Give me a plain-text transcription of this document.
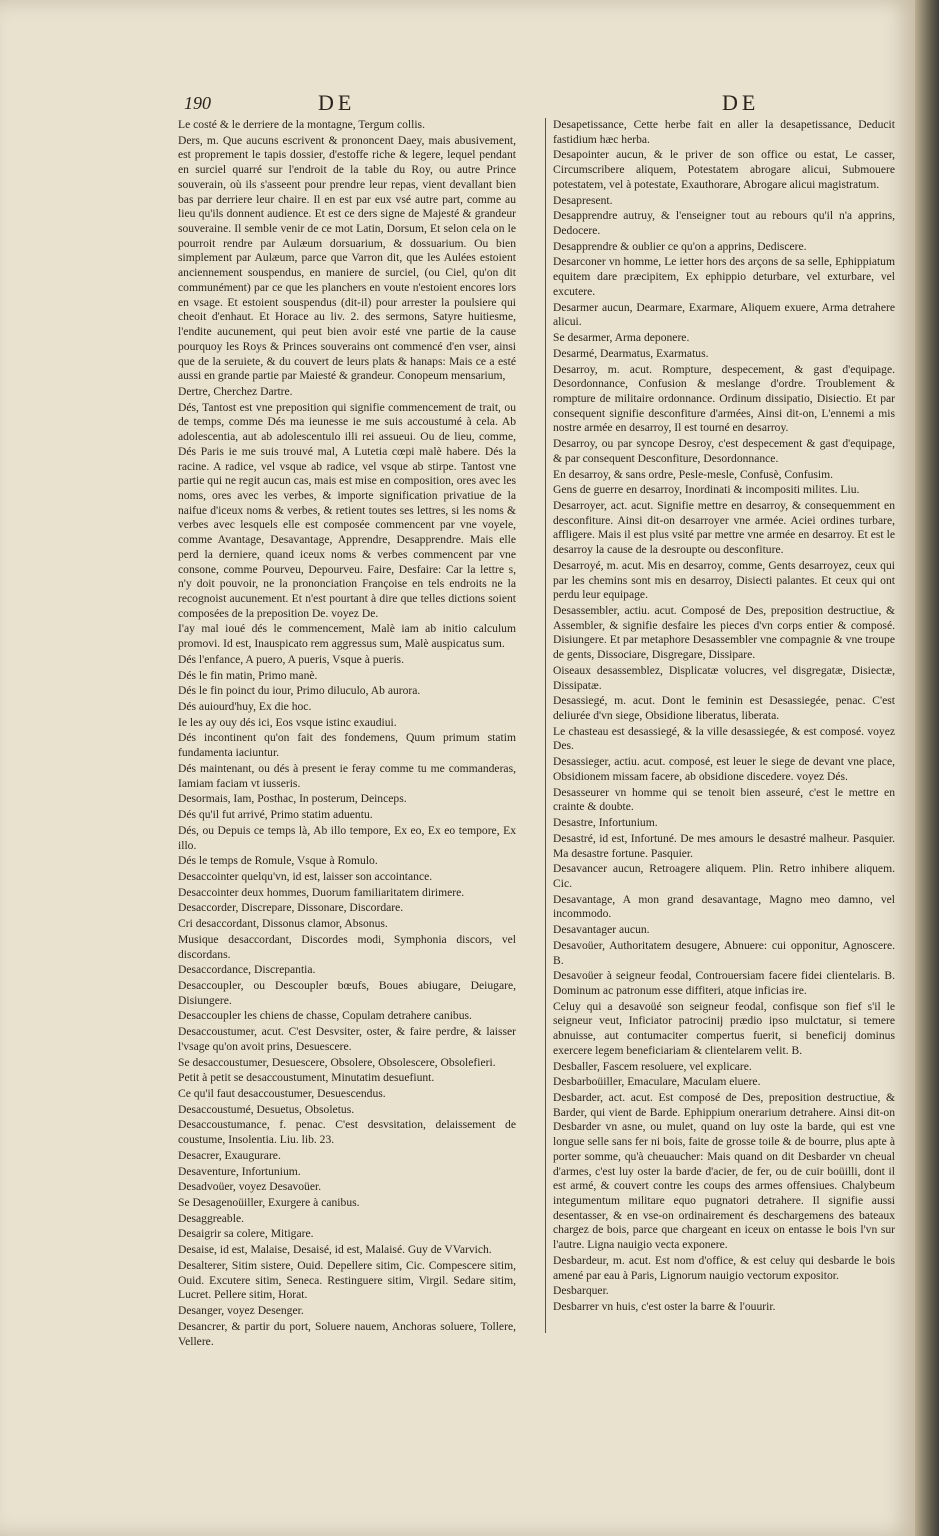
190	DE	DE
Le costé & le derriere de la montagne, Tergum collis.
Ders, m. Que aucuns escrivent & prononcent Daey, mais abusivement, est proprement le tapis dossier, d'estoffe riche & legere, lequel pendant en surciel quarré sur l'endroit de la table du Roy, ou autre Prince souverain, où ils s'asseent pour prendre leur repas, vient devallant bien bas par derriere leur chaire. Il en est par eux vsé autre part, comme au lieu qu'ils donnent audience. Et est ce ders signe de Majesté & grandeur souveraine. Il semble venir de ce mot Latin, Dorsum, Et selon cela on le pourroit rendre par Aulæum dorsuarium, & dossuarium. Ou bien simplement par Aulæum, parce que Varron dit, que les Aulées estoient anciennement souspendus, en maniere de surciel, (ou Ciel, qu'on dit communément) par ce que les planchers en voute n'estoient encores lors en vsage. Et estoient souspendus (dit-il) pour arrester la poulsiere qui cheoit d'enhaut. Et Horace au liv. 2. des sermons, Satyre huitiesme, l'endite aucunement, qui peut bien avoir esté vne partie de la cause pourquoy les Roys & Princes souverains ont commencé d'en vser, ainsi que de la seruiete, & du couvert de leurs plats & hanaps: Mais ce a esté aussi en grande partie par Maiesté & grandeur. Conopeum mensarium,
Dertre, Cherchez Dartre.
Dés, Tantost est vne preposition qui signifie commencement de trait, ou de temps, comme Dés ma ieunesse ie me suis accoustumé à cela. Ab adolescentia, aut ab adolescentulo illi rei assueui. Ou de lieu, comme, Dés Paris ie me suis trouvé mal, A Lutetia cœpi malè habere. Dés la racine. A radice, vel vsque ab radice, vel vsque ab stirpe. Tantost vne partie qui ne regit aucun cas, mais est mise en composition, ores avec les noms, ores avec les verbes, & importe signification privatiue de la naifue d'iceux noms & verbes, & retient toutes ses lettres, si les noms & verbes avec lesquels elle est composée commencent par vne voyele, comme Avantage, Desavantage, Apprendre, Desapprendre. Mais elle perd la derniere, quand iceux noms & verbes commencent par vne consone, comme Pourveu, Depourveu. Faire, Desfaire: Car la lettre s, n'y doit pouvoir, ne la prononciation Françoise en tels endroits ne la recognoist aucunement. Et n'est pourtant à dire que telles dictions soient composées de la preposition De. voyez De.
I'ay mal ioué dés le commencement, Malè iam ab initio calculum promovi. Id est, Inauspicato rem aggressus sum, Malè auspicatus sum.
Dés l'enfance, A puero, A pueris, Vsque à pueris.
Dés le fin matin, Primo manè.
Dés le fin poinct du iour, Primo diluculo, Ab aurora.
Dés auiourd'huy, Ex die hoc.
Ie les ay ouy dés ici, Eos vsque istinc exaudiui.
Dés incontinent qu'on fait des fondemens, Quum primum statim fundamenta iaciuntur.
Dés maintenant, ou dés à present ie feray comme tu me commanderas, Iamiam faciam vt iusseris.
Desormais, Iam, Posthac, In posterum, Deinceps.
Dés qu'il fut arrivé, Primo statim aduentu.
Dés, ou Depuis ce temps là, Ab illo tempore, Ex eo, Ex eo tempore, Ex illo.
Dés le temps de Romule, Vsque à Romulo.
Desaccointer quelqu'vn, id est, laisser son accointance.
Desaccointer deux hommes, Duorum familiaritatem dirimere.
Desaccorder, Discrepare, Dissonare, Discordare.
Cri desaccordant, Dissonus clamor, Absonus.
Musique desaccordant, Discordes modi, Symphonia discors, vel discordans.
Desaccordance, Discrepantia.
Desaccoupler, ou Descoupler bœufs, Boues abiugare, Deiugare, Disiungere.
Desaccoupler les chiens de chasse, Copulam detrahere canibus.
Desaccoustumer, acut. C'est Desvsiter, oster, & faire perdre, & laisser l'vsage qu'on avoit prins, Desuescere.
Se desaccoustumer, Desuescere, Obsolere, Obsolescere, Obsolefieri.
Petit à petit se desaccoustument, Minutatim desuefiunt.
Ce qu'il faut desaccoustumer, Desuescendus.
Desaccoustumé, Desuetus, Obsoletus.
Desaccoustumance, f. penac. C'est desvsitation, delaissement de coustume, Insolentia. Liu. lib. 23.
Desacrer, Exaugurare.
Desaventure, Infortunium.
Desadvoüer, voyez Desavoüer.
Se Desagenoüiller, Exurgere à canibus.
Desaggreable.
Desaigrir sa colere, Mitigare.
Desaise, id est, Malaise, Desaisé, id est, Malaisé. Guy de VVarvich.
Desalterer, Sitim sistere, Ouid. Depellere sitim, Cic. Compescere sitim, Ouid. Excutere sitim, Seneca. Restinguere sitim, Virgil. Sedare sitim, Lucret. Pellere sitim, Horat.
Desanger, voyez Desenger.
Desancrer, & partir du port, Soluere nauem, Anchoras soluere, Tollere, Vellere.
Desapetissance, Cette herbe fait en aller la desapetissance, Deducit fastidium hæc herba.
Desapointer aucun, & le priver de son office ou estat, Le casser, Circumscribere aliquem, Potestatem abrogare alicui, Submouere potestatem, vel à potestate, Exauthorare, Abrogare alicui magistratum.
Desapresent.
Desapprendre autruy, & l'enseigner tout au rebours qu'il n'a apprins, Dedocere.
Desapprendre & oublier ce qu'on a apprins, Dediscere.
Desarconer vn homme, Le ietter hors des arçons de sa selle, Ephippiatum equitem dare præcipitem, Ex ephippio deturbare, vel exturbare, vel excutere.
Desarmer aucun, Dearmare, Exarmare, Aliquem exuere, Arma detrahere alicui.
Se desarmer, Arma deponere.
Desarmé, Dearmatus, Exarmatus.
Desarroy, m. acut. Rompture, despecement, & gast d'equipage. Desordonnance, Confusion & meslange d'ordre. Troublement & rompture de militaire ordonnance. Ordinum dissipatio, Disiectio. Et par consequent signifie desconfiture d'armées, Ainsi dit-on, L'ennemi a mis nostre armée en desarroy, Il est tourné en desarroy.
Desarroy, ou par syncope Desroy, c'est despecement & gast d'equipage, & par consequent Desconfiture, Desordonnance.
En desarroy, & sans ordre, Pesle-mesle, Confusè, Confusim.
Gens de guerre en desarroy, Inordinati & incompositi milites. Liu.
Desarroyer, act. acut. Signifie mettre en desarroy, & consequemment en desconfiture. Ainsi dit-on desarroyer vne armée. Aciei ordines turbare, affligere. Mais il est plus vsité par mettre vne armée en desarroy. Et est le desarroy la cause de la desroupte ou desconfiture.
Desarroyé, m. acut. Mis en desarroy, comme, Gents desarroyez, ceux qui par les chemins sont mis en desarroy, Disiecti palantes. Et ceux qui ont perdu leur equipage.
Desassembler, actiu. acut. Composé de Des, preposition destructiue, & Assembler, & signifie desfaire les pieces d'vn corps entier & composé. Disiungere. Et par metaphore Desassembler vne compagnie & vne troupe de gents, Dissociare, Disgregare, Dissipare.
Oiseaux desassemblez, Displicatæ volucres, vel disgregatæ, Disiectæ, Dissipatæ.
Desassiegé, m. acut. Dont le feminin est Desassiegée, penac. C'est deliurée d'vn siege, Obsidione liberatus, liberata.
Le chasteau est desassiegé, & la ville desassiegée, & est composé. voyez Des.
Desassieger, actiu. acut. composé, est leuer le siege de devant vne place, Obsidionem missam facere, ab obsidione discedere. voyez Dés.
Desasseurer vn homme qui se tenoit bien asseuré, c'est le mettre en crainte & doubte.
Desastre, Infortunium.
Desastré, id est, Infortuné. De mes amours le desastré malheur. Pasquier. Ma desastre fortune. Pasquier.
Desavancer aucun, Retroagere aliquem. Plin. Retro inhibere aliquem. Cic.
Desavantage, A mon grand desavantage, Magno meo damno, vel incommodo.
Desavantager aucun.
Desavoüer, Authoritatem desugere, Abnuere: cui opponitur, Agnoscere. B.
Desavoüer à seigneur feodal, Controuersiam facere fidei clientelaris. B. Dominum ac patronum esse diffiteri, atque inficias ire.
Celuy qui a desavoüé son seigneur feodal, confisque son fief s'il le seigneur veut, Inficiator patrocinij prædio ipso mulctatur, si temere abnuisse, aut contumaciter compertus fuerit, si beneficij dominus exercere legem beneficiariam & clientelarem velit. B.
Desballer, Fascem resoluere, vel explicare.
Desbarboüiller, Emaculare, Maculam eluere.
Desbarder, act. acut. Est composé de Des, preposition destructiue, & Barder, qui vient de Barde. Ephippium onerarium detrahere. Ainsi dit-on Desbarder vn asne, ou mulet, quand on luy oste la barde, qui est vne longue selle sans fer ni bois, faite de grosse toile & de bourre, plus apte à porter somme, qu'à cheuaucher: Mais quand on dit Desbarder vn cheual d'armes, c'est luy oster la barde d'acier, de fer, ou de cuir boüilli, dont il est armé, & couvert contre les coups des armes offensiues. Chalybeum integumentum militare equo pugnatori detrahere. Il signifie aussi desentasser, & en vse-on ordinairement és deschargemens des bateaux chargez de bois, parce que chargeant en iceux on entasse le bois l'vn sur l'autre. Ligna nauigio vecta exponere.
Desbardeur, m. acut. Est nom d'office, & est celuy qui desbarde le bois amené par eau à Paris, Lignorum nauigio vectorum expositor.
Desbarquer.
Desbarrer vn huis, c'est oster la barre & l'ouurir.
